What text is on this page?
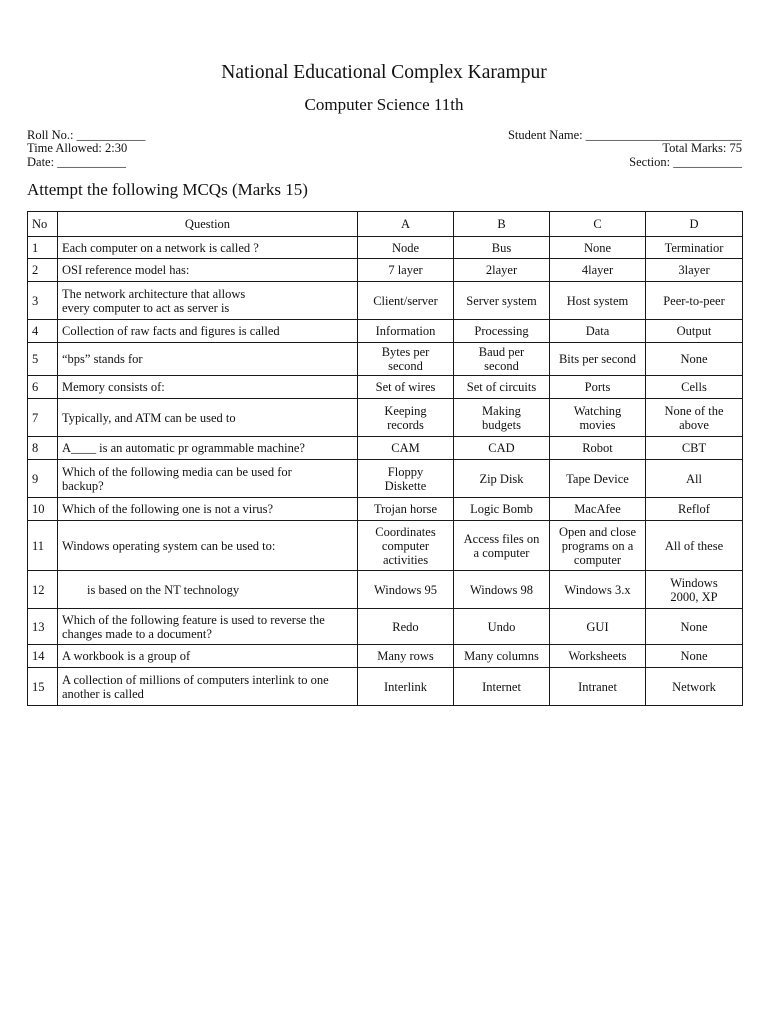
National Educational Complex Karampur
Computer Science 11th
Roll No.: ___________	Student Name: _________________________
Time Allowed: 2:30	Total Marks: 75
Date: ___________	Section: ___________
Attempt the following MCQs (Marks 15)
No	Question	A	B	C	D
1	Each computer on a network is called ?	Node	Bus	None	Terminatior
2	OSI reference model has:	7 layer	2layer	4layer	3layer
3	The network architecture that allows
every computer to act as server is	Client/server	Server system	Host system	Peer-to-peer
4	Collection of raw facts and figures is called	Information	Processing	Data	Output
5	“bps” stands for	Bytes per
second	Baud per
second	Bits per second	None
6	Memory consists of:	Set of wires	Set of circuits	Ports	Cells
7	Typically, and ATM can be used to	Keeping
records	Making
budgets	Watching
movies	None of the
above
8	A____ is an automatic pr ogrammable machine?	CAM	CAD	Robot	CBT
9	Which of the following media can be used for
backup?	Floppy
Diskette	Zip Disk	Tape Device	All
10	Which of the following one is not a virus?	Trojan horse	Logic Bomb	MacAfee	Reflof
11	Windows operating system can be used to:	Coordinates
computer
activities	Access files on
a computer	Open and close
programs on a
computer	All of these
12	is based on the NT technology	Windows 95	Windows 98	Windows 3.x	Windows
2000, XP
13	Which of the following feature is used to reverse the
changes made to a document?	Redo	Undo	GUI	None
14	A workbook is a group of	Many rows	Many columns	Worksheets	None
15	A collection of millions of computers interlink to one
another is called	Interlink	Internet	Intranet	Network
